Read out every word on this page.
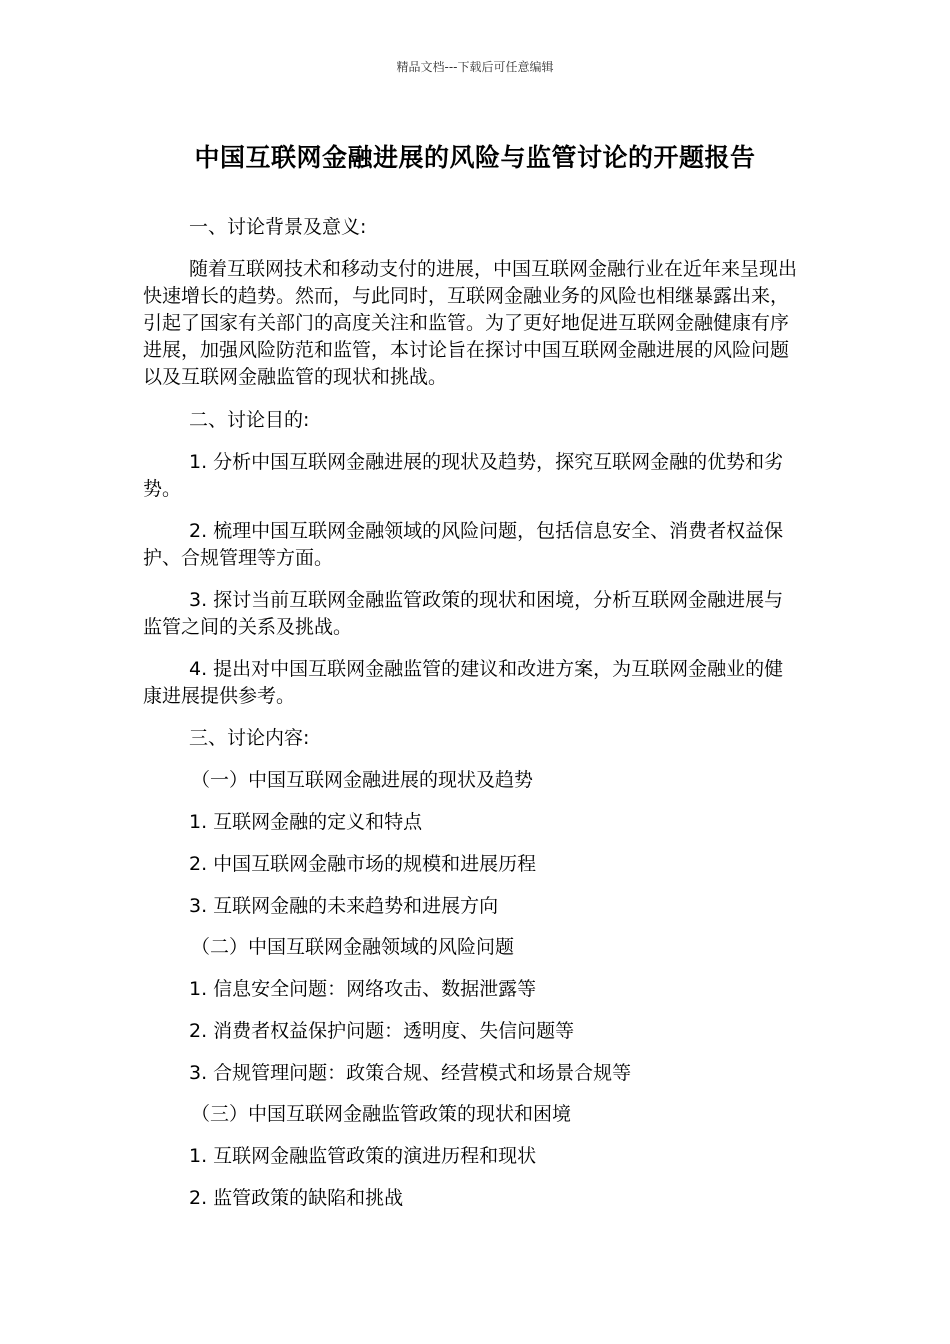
精品文档---下载后可任意编辑
中国互联网金融进展的风险与监管讨论的开题报告
一、讨论背景及意义:
随着互联网技术和移动支付的进展，中国互联网金融行业在近年来呈现出快速增长的趋势。然而，与此同时，互联网金融业务的风险也相继暴露出来，引起了国家有关部门的高度关注和监管。为了更好地促进互联网金融健康有序进展，加强风险防范和监管，本讨论旨在探讨中国互联网金融进展的风险问题以及互联网金融监管的现状和挑战。
二、讨论目的:
1. 分析中国互联网金融进展的现状及趋势，探究互联网金融的优势和劣势。
2. 梳理中国互联网金融领域的风险问题，包括信息安全、消费者权益保护、合规管理等方面。
3. 探讨当前互联网金融监管政策的现状和困境，分析互联网金融进展与监管之间的关系及挑战。
4. 提出对中国互联网金融监管的建议和改进方案，为互联网金融业的健康进展提供参考。
三、讨论内容:
（一）中国互联网金融进展的现状及趋势
1. 互联网金融的定义和特点
2. 中国互联网金融市场的规模和进展历程
3. 互联网金融的未来趋势和进展方向
（二）中国互联网金融领域的风险问题
1. 信息安全问题：网络攻击、数据泄露等
2. 消费者权益保护问题：透明度、失信问题等
3. 合规管理问题：政策合规、经营模式和场景合规等
（三）中国互联网金融监管政策的现状和困境
1. 互联网金融监管政策的演进历程和现状
2. 监管政策的缺陷和挑战
